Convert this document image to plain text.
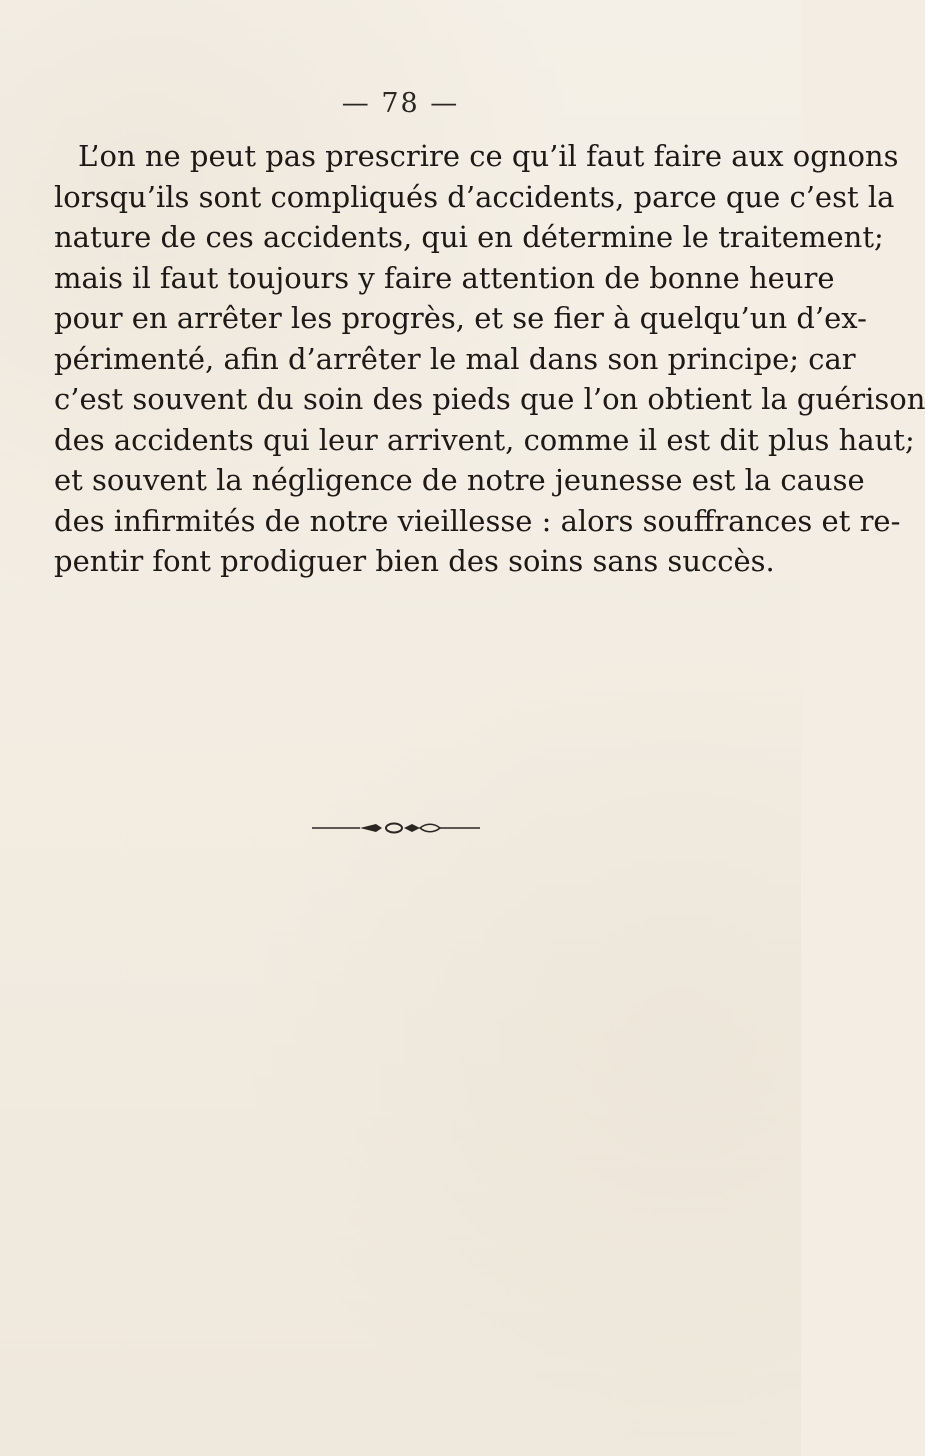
— 78 —
L’on ne peut pas prescrire ce qu’il faut faire aux ognons
lorsqu’ils sont compliqués d’accidents, parce que c’est la
nature de ces accidents, qui en détermine le traitement;
mais il faut toujours y faire attention de bonne heure
pour en arrêter les progrès, et se fier à quelqu’un d’ex-
périmenté, afin d’arrêter le mal dans son principe; car
c’est souvent du soin des pieds que l’on obtient la guérison
des accidents qui leur arrivent, comme il est dit plus haut;
et souvent la négligence de notre jeunesse est la cause
des infirmités de notre vieillesse : alors souffrances et re-
pentir font prodiguer bien des soins sans succès.
